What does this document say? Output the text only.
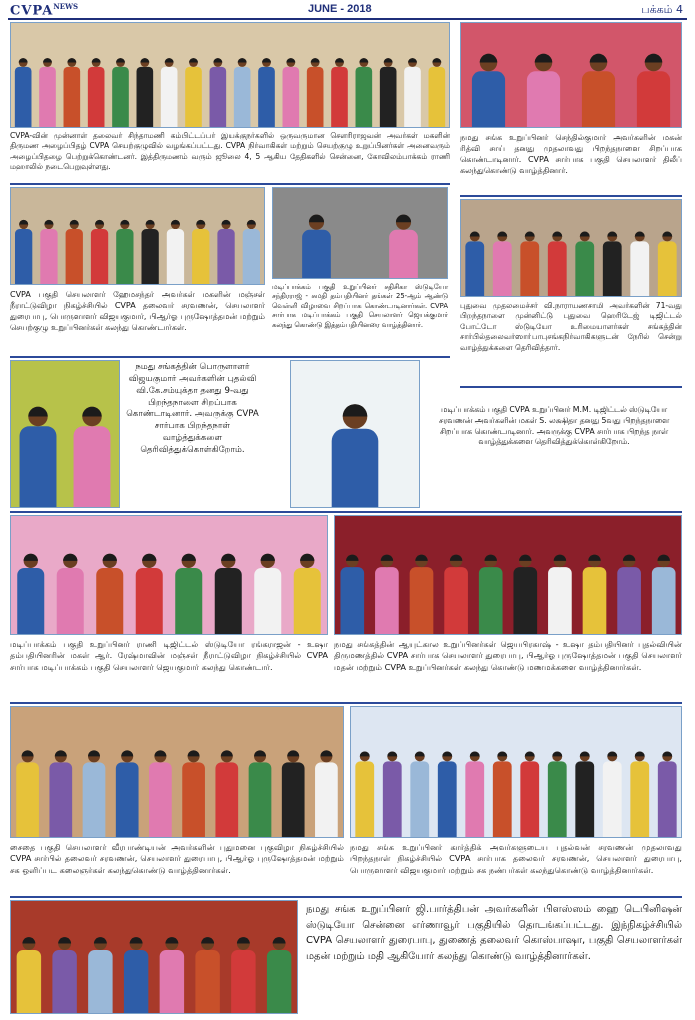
$CVPA^{NEWS}$	JUNE - 2018	பக்கம் 4
CVPA-வின் முன்னாள் தலைவர் சிந்தாமணி கம்பிட்டப்பர் இயக்குநர்களில் ஒருவருமான சௌரிராஜவன் அவர்கள் மகளின் திருமண அழைப்பிதழ் CVPA செயற்குழுவில் வழங்கப்பட்டது. CVPA நிர்வாகிகள் மற்றும் செயற்குழு உறுப்பினர்கள் அனைவரும் அழைப்பிதழை பெற்றுக்கொண்டனர். இத்திருமணம் வரும் ஜூலை 4, 5 ஆகிய தேதிகளில் சென்னை, கோவிலம்பாக்கம் ராணி மஹாலில் நடைபெறுவுள்ளது.
நமது சங்க உறுப்பினர் செந்தில்குமார் அவர்களின் மகன் ரித்வி சாய் தனது முதலாவது பிறந்தநாளை சிறப்பாக கொண்டாடினார். CVPA சார்பாக பகுதி செயலாளர் திலீப் கலந்துகொண்டு வாழ்த்தினார்.
CVPA பகுதி செயலாளர் ஹேமசந்தர் அவர்கள் மகளின் மஞ்சள் நீராட்டுவிழா நிகழ்ச்சியில் CVPA தலைவர் சரவணன், செயலாளர் துரைபாபு, பொருளாளர் விஜயகுமார், பிஆர்ஓ புருஷோத்தமன் மற்றும் செயற்குழு உறுப்பினர்கள் கலந்து கொண்டார்கள்.
மடிப்பாக்கம் பகுதி உறுப்பினர் சதிசிகா ஸ்டுடியோ சந்திரராஜ் - சுமதி தம்பதியினர் தங்கள் 25-ஆம் ஆண்டு வெள்ளி விழாவை சிறப்பாக கொண்டாடினார்கள். CVPA சார்பாக மடிப்பாக்கம் பகுதி செயலாளர் ஜெயக்குமார் கலந்து கொண்டு இத்தம்பதியினரை வாழ்த்தினார்.
புதுவை முதலமைச்சர் வி.நாராயணசாமி அவர்களின் 71-வது பிறந்தநாளை முன்னிட்டு புதுவை ஹெரிடேஜ் டிஜிட்டல் போட்டோ ஸ்டுடியோ உரிமையாளர்கள் சங்கத்தின் சார்பில்தலைவர்ஸாா்பாபுசங்கநிர்வாகிகளுடன் நேரில் சென்று வாழ்த்துக்களை தெரிவித்தார்.
நமது சங்கத்தின் பொருளாளர் விஜயகுமார் அவர்களின் புதல்வி வி.கே.சம்யுக்தா தனது 9-வது பிறந்தநாளை சிறப்பாக கொண்டாடினார். அவருக்கு CVPA சார்பாக பிறந்தநாள் வாழ்த்துக்களை தெரிவித்துக்கொள்கிறோம்.
மடிப்பாக்கம் பகுதி CVPA உறுப்பினர் M.M. டிஜிட்டல் ஸ்டுடியோ சரவணன் அவர்களின் மகள் S. லக்ஷிதா தனது 5வது பிறந்தநாளை சிறப்பாக கொண்டாடினார். அவருக்கு CVPA சார்பாக பிறந்த நாள் வாழ்த்துக்களை தெரிவித்துக்கொள்கிறோம்.
மடிப்பாக்கம் பகுதி உறுப்பினர் ராணி டிஜிட்டல் ஸ்டுடியோ ரங்கராஜன் - உஷா தம்பதியினரின் மகள் ஆர். ரேஷ்மாவின் மஞ்சள் நீராட்டுவிழா நிகழ்ச்சியில் CVPA சார்பாக மடிப்பாக்கம் பகுதி செயலாளர் ஜெயகுமார் கலந்து கொண்டார்.
நமது சங்கத்தின் ஆயுட்கால உறுப்பினர்கள் ஜெயபிரகாஷ் - உஷா தம்பதியினர் புதல்வியின் திருமணத்தில் CVPA சார்பாக செயலாளர் துரைபாபு, பிஆர்ஓ புருஷோத்தமன் பகுதி செயலாளர் மதன் மற்றும் CVPA உறுப்பினர்கள் கலந்து கொண்டு மணமக்களை வாழ்த்தினார்கள்.
சைதை பகுதி செயலாளர் வீரபாண்டியன் அவர்களின் புதுமனை புகுவிழா நிகழ்ச்சியில் CVPA சார்பில் தலைவர் சரவணன், செயலாளர் துரைபாபு, பிஆர்ஓ புருஷோத்தமன் மற்றும் சக ஒளிப்பட கலைஞர்கள் கலந்துகொண்டு வாழ்த்தினார்கள்.
நமது சங்க உறுப்பினர் கார்த்திக் அவர்களுடைய புதல்வன் சரவணன் முதலாவது பிறந்தநாள் நிகழ்ச்சியில் CVPA சார்பாக தலைவர் சரவணன், செயலாளர் துரைபாபு, பொருளாளர் விஜயகுமார் மற்றும் சக நண்பர்கள் கலந்துகொண்டு வாழ்த்தினார்கள்.
நமது சங்க உறுப்பினர் ஜி.பார்த்திபன் அவர்களின் பிளஸ்ஸம் ஹை டெபினிஷன் ஸ்டுடியோ சென்னை எர்ணாவூர் பகுதியில் தொடங்கப்பட்டது. இந்நிகழ்ச்சியில் CVPA செயலாளர் துரைபாபு, துணைத் தலைவர் கொஸ்பாஷா, பகுதி செயலாளர்கள் மதன் மற்றும் மதி ஆகியோர் கலந்து கொண்டு வாழ்த்தினார்கள்.
